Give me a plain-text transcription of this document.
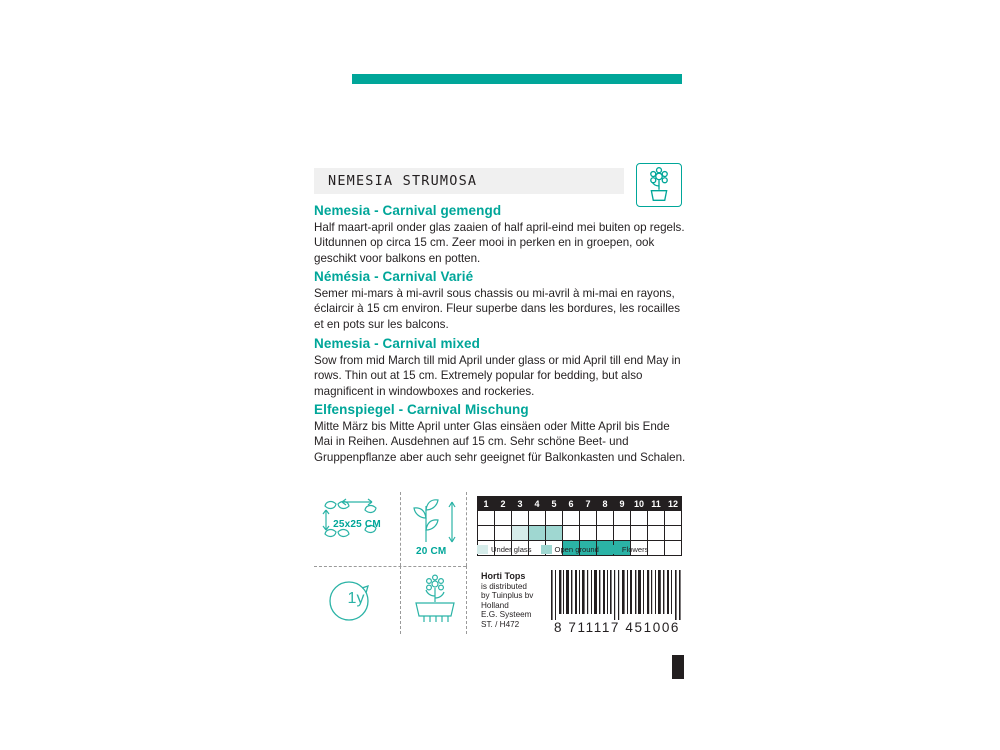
NEMESIA STRUMOSA
Nemesia - Carnival gemengd

Half maart-april onder glas zaaien of half april-eind mei buiten op regels. Uitdunnen op circa 15 cm. Zeer mooi in perken en in groepen, ook geschikt voor balkons en potten.

Némésia - Carnival Varié

Semer mi-mars à mi-avril sous chassis ou mi-avril à mi-mai en rayons, éclaircir à 15 cm environ. Fleur superbe dans les bordures, les rocailles et en pots sur les balcons.

Nemesia - Carnival mixed

Sow from mid March till mid April under glass or mid April till end May in rows. Thin out at 15 cm. Extremely popular for bedding, but also magnificent in windowboxes and rockeries.

Elfenspiegel - Carnival Mischung

Mitte März bis Mitte April unter Glas einsäen oder Mitte April bis Ende Mai in Reihen. Ausdehnen auf 15 cm. Sehr schöne Beet- und Gruppenpflanze aber auch sehr geeignet für Balkonkasten und Schalen.

25x25 CM
20 CM
1y
1	2	3	4	5	6	7	8	9	10	11	12

Under glass	Open ground	Flowers
Horti Tops
is distributed
by Tuinplus bv
Holland
E.G. Systeem
ST. / H472	8 711117 451006
